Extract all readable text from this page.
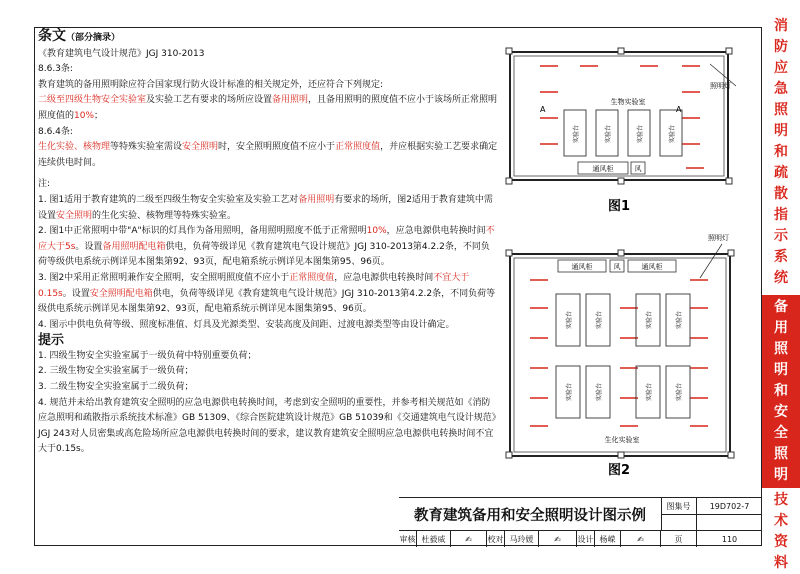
消
防
应
急
照
明
和
疏
散
指
示
系
统
备
用
照
明
和
安
全
照
明
技
术
资
料

条文（部分摘录）

《教育建筑电气设计规范》JGJ 310-2013

8.6.3条:

教育建筑的备用照明除应符合国家现行防火设计标准的相关规定外，还应符合下列规定:
二级至四级生物安全实验室及实验工艺有要求的场所应设置备用照明，且备用照明的照度值不应小于该场所正常照明照度值的10%；

8.6.4条:

生化实验、核物理等特殊实验室需设安全照明时，安全照明照度值不应小于正常照度值，并应根据实验工艺要求确定连续供电时间。

注:

1. 图1适用于教育建筑的二级至四级生物安全实验室及实验工艺对备用照明有要求的场所，图2适用于教育建筑中需设置安全照明的生化实验、核物理等特殊实验室。

2. 图1中正常照明中带"A"标识的灯具作为备用照明，备用照明照度不低于正常照明10%，应急电源供电转换时间不应大于5s。设置备用照明配电箱供电，负荷等级详见《教育建筑电气设计规范》JGJ 310-2013第4.2.2条，不同负荷等级供电系统示例详见本图集第92、93页，配电箱系统示例详见本图集第95、96页。

3. 图2中采用正常照明兼作安全照明，安全照明照度值不应小于正常照度值，应急电源供电转换时间不宜大于0.15s。设置安全照明配电箱供电，负荷等级详见《教育建筑电气设计规范》JGJ 310-2013第4.2.2条，不同负荷等级供电系统示例详见本图集第92、93页，配电箱系统示例详见本图集第95、96页。

4. 图示中供电负荷等级、照度标准值、灯具及光源类型、安装高度及间距、过渡电源类型等由设计确定。

提示

1. 四级生物安全实验室属于一级负荷中特别重要负荷；

2. 三级生物安全实验室属于一级负荷；

3. 二级生物安全实验室属于二级负荷；

4. 规范并未给出教育建筑安全照明的应急电源供电转换时间，考虑到安全照明的重要性，并参考相关规范如《消防应急照明和疏散指示系统技术标准》GB 51309、《综合医院建筑设计规范》GB 51039和《交通建筑电气设计规范》JGJ 243对人员密集或高危险场所应急电源供电转换时间的要求，建议教育建筑安全照明应急电源供电转换时间不宜大于0.15s。

实验台	实验台	实验台	实验台
生物实验室
A	A
通风柜	风
照明灯
图1
通风柜	风	通风柜
实验台	实验台	实验台	实验台
实验台	实验台	实验台	实验台
生化实验室
照明灯
图2
教育建筑备用和安全照明设计图示例
图集号	19D702-7
审核 杜毅威	✍	校对 马玲媛	✍	设计 杨嵘	✍	页	110
